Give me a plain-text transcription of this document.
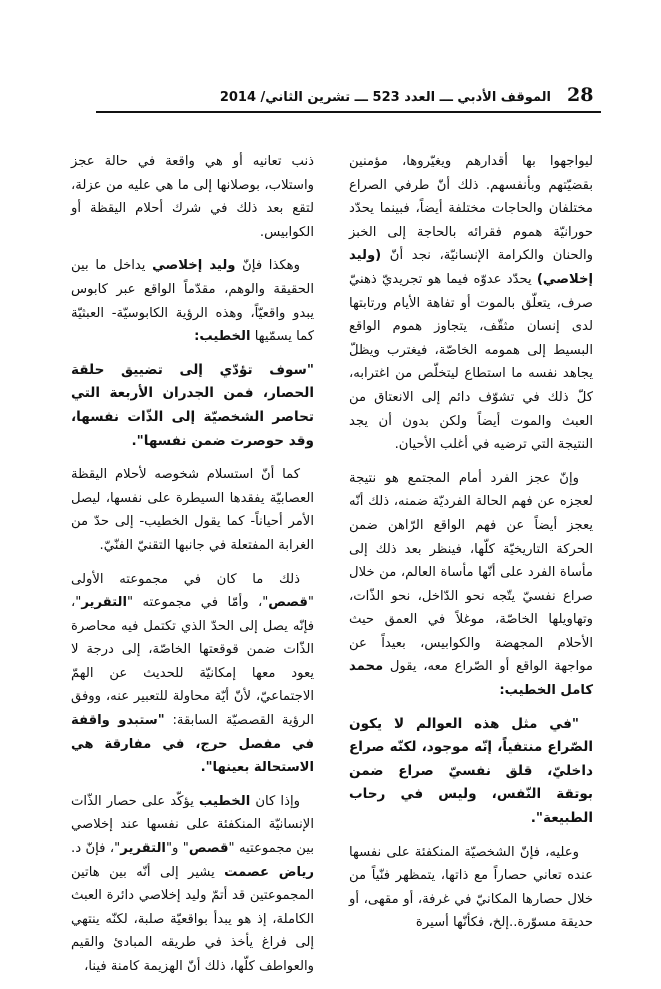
28
الموقف الأدبي ـــ العدد 523 ـــ تشرين الثاني/ 2014

ليواجهوا بها أقدارهم ويغيّروها، مؤمنين بقضيّتهم وبأنفسهم. ذلك أنّ طرفي الصراع مختلفان والحاجات مختلفة أيضاً، فبينما يحدّد حورانيّة هموم فقرائه بالحاجة إلى الخبز والحنان والكرامة الإنسانيّة، نجد أنّ (وليد إخلاصي) يحدّد عدوّه فيما هو تجريديّ ذهنيّ صرف، يتعلّق بالموت أو تفاهة الأيام ورتابتها لدى إنسان مثقّف، يتجاوز هموم الواقع البسيط إلى همومه الخاصّة، فيغترب ويظلّ يجاهد نفسه ما استطاع ليتخلّص من اغترابه، كلّ ذلك في تشوّف دائم إلى الانعتاق من العبث والموت أيضاً ولكن بدون أن يجد النتيجة التي ترضيه في أغلب الأحيان.

وإنّ عجز الفرد أمام المجتمع هو نتيجة لعجزه عن فهم الحالة الفرديّة ضمنه، ذلك أنّه يعجز أيضاً عن فهم الواقع الرّاهن ضمن الحركة التاريخيّة كلّها، فينظر بعد ذلك إلى مأساة الفرد على أنّها مأساة العالم، من خلال صراع نفسيّ يتّجه نحو الدّاخل، نحو الذّات، وتهاويلها الخاصّة، موغلاً في العمق حيث الأحلام المجهضة والكوابيس، بعيداً عن مواجهة الواقع أو الصّراع معه، يقول محمد كامل الخطيب:

"في مثل هذه العوالم لا يكون الصّراع منتفياً، إنّه موجود، لكنّه صراع داخليّ، قلق نفسيّ صراع ضمن بوتقة النّفس، وليس في رحاب الطبيعة".

وعليه، فإنّ الشخصيّة المنكفئة على نفسها عنده تعاني حصاراً مع ذاتها، يتمظهر فنّياً من خلال حصارها المكانيّ في غرفة، أو مقهى، أو حديقة مسوّرة..إلخ، فكأنّها أسيرة

ذنب تعانيه أو هي واقعة في حالة عجز واستلاب، بوصلانها إلى ما هي عليه من عزلة، لتقع بعد ذلك في شرك أحلام اليقظة أو الكوابيس.

وهكذا فإنّ وليد إخلاصي يداخل ما بين الحقيقة والوهم، مقدّماً الواقع عبر كابوس يبدو واقعيّاً، وهذه الرؤية الكابوسيّة- العبثيّة كما يسمّيها الخطيب:

"سوف تؤدّي إلى تضييق حلقة الحصار، فمن الجدران الأربعة التي تحاصر الشخصيّة إلى الذّات نفسها، وقد حوصرت ضمن نفسها".

كما أنّ استسلام شخوصه لأحلام اليقظة العصابيّة يفقدها السيطرة على نفسها، ليصل الأمر أحياناً- كما يقول الخطيب- إلى حدّ من الغرابة المفتعلة في جانبها التقنيّ الفنّيّ.

ذلك ما كان في مجموعته الأولى "قصص"، وأمّا في مجموعته "التقرير"، فإنّه يصل إلى الحدّ الذي تكتمل فيه محاصرة الذّات ضمن قوقعتها الخاصّة، إلى درجة لا يعود معها إمكانيّة للحديث عن الهمّ الاجتماعيّ، لأنّ أيّة محاولة للتعبير عنه، ووفق الرؤية القصصيّة السابقة: "ستبدو واقفة في مفصل حرج، في مفارقة هي الاستحالة بعينها".

وإذا كان الخطيب يؤكّد على حصار الذّات الإنسانيّة المنكفئة على نفسها عند إخلاصي بين مجموعتيه "قصص" و"التقرير"، فإنّ د. رياض عصمت يشير إلى أنّه بين هاتين المجموعتين قد أتمّ وليد إخلاصي دائرة العبث الكاملة، إذ هو يبدأ بواقعيّة صلبة، لكنّه ينتهي إلى فراغ يأخذ في طريقه المبادئ والقيم والعواطف كلّها، ذلك أنّ الهزيمة كامنة فينا،
